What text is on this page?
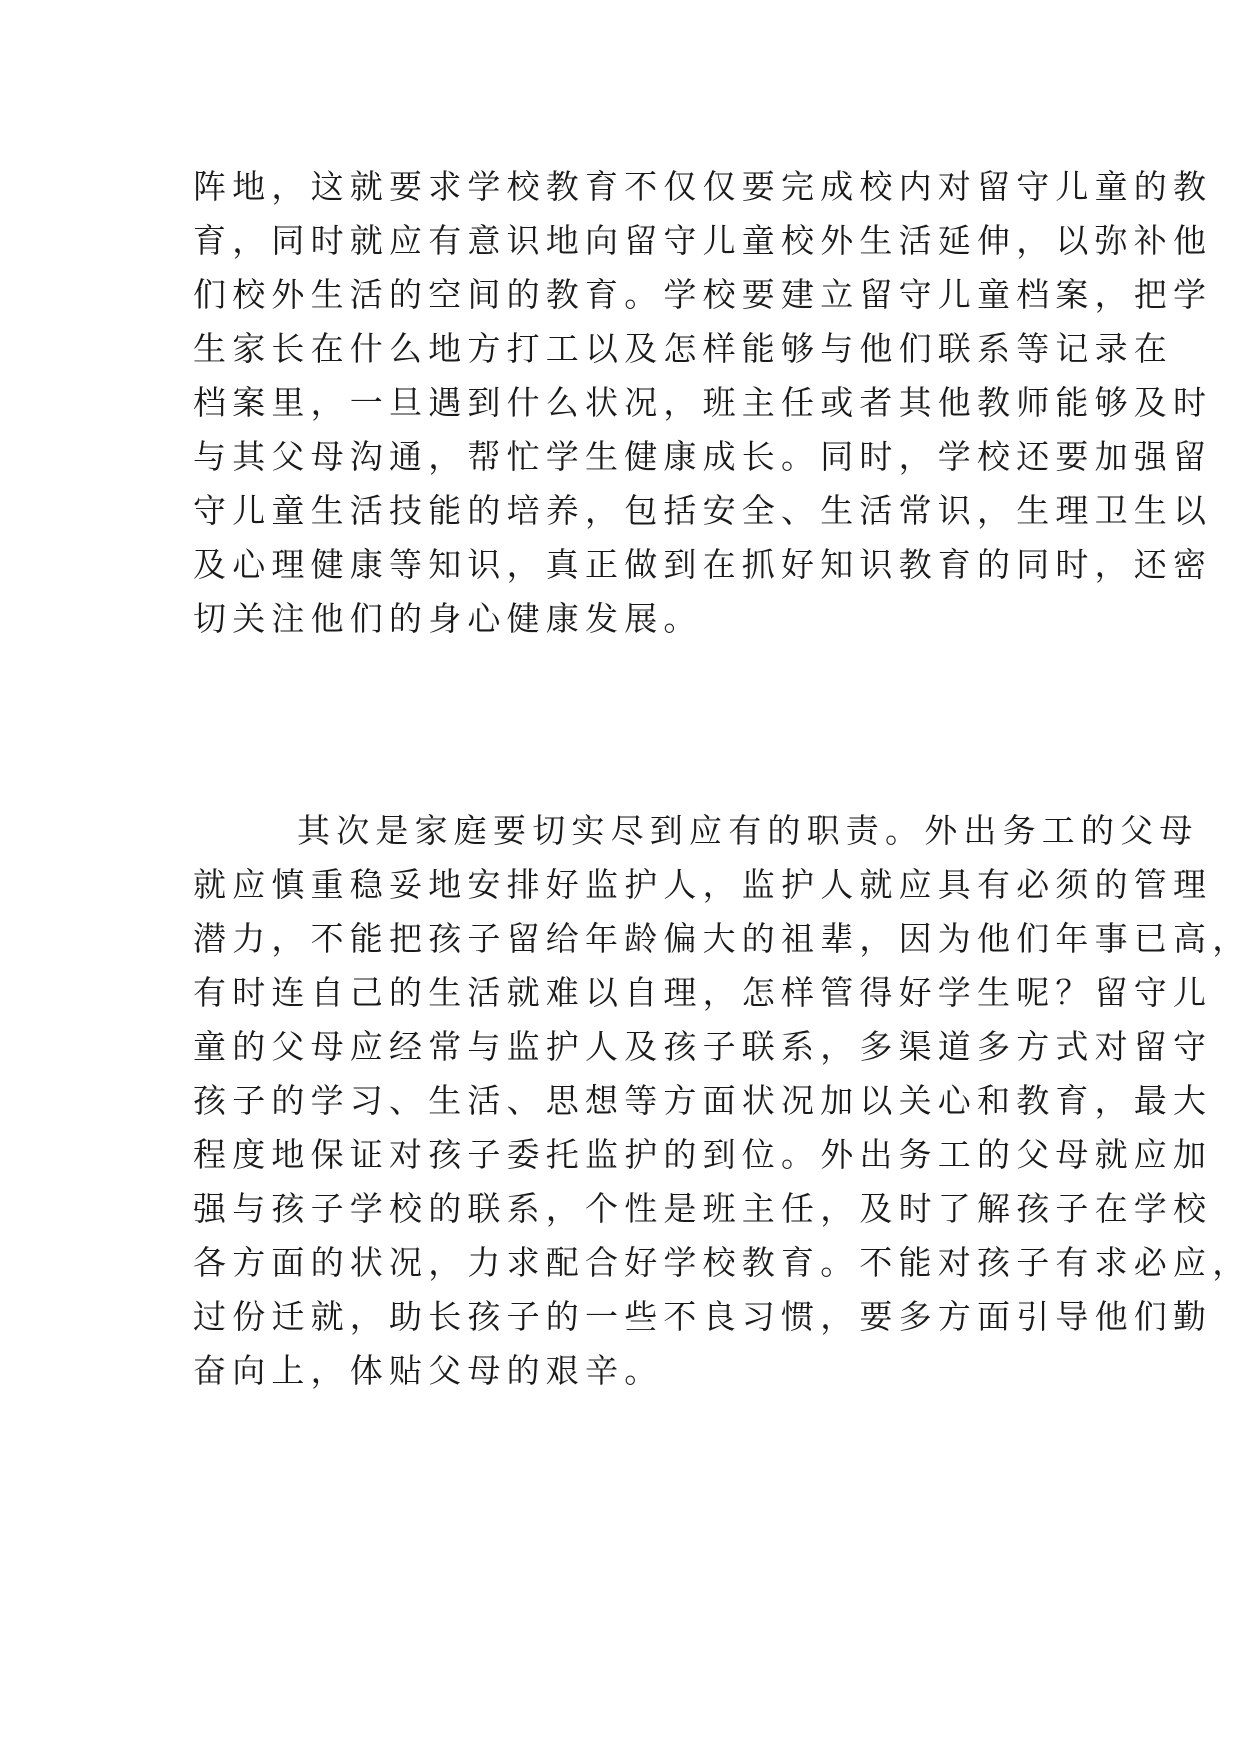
阵地，这就要求学校教育不仅仅要完成校内对留守儿童的教
育，同时就应有意识地向留守儿童校外生活延伸，以弥补他
们校外生活的空间的教育。学校要建立留守儿童档案，把学
生家长在什么地方打工以及怎样能够与他们联系等记录在
档案里，一旦遇到什么状况，班主任或者其他教师能够及时
与其父母沟通，帮忙学生健康成长。同时，学校还要加强留
守儿童生活技能的培养，包括安全、生活常识，生理卫生以
及心理健康等知识，真正做到在抓好知识教育的同时，还密
切关注他们的身心健康发展。
其次是家庭要切实尽到应有的职责。外出务工的父母
就应慎重稳妥地安排好监护人，监护人就应具有必须的管理
潜力，不能把孩子留给年龄偏大的祖辈，因为他们年事已高，
有时连自己的生活就难以自理，怎样管得好学生呢？留守儿
童的父母应经常与监护人及孩子联系，多渠道多方式对留守
孩子的学习、生活、思想等方面状况加以关心和教育，最大
程度地保证对孩子委托监护的到位。外出务工的父母就应加
强与孩子学校的联系，个性是班主任，及时了解孩子在学校
各方面的状况，力求配合好学校教育。不能对孩子有求必应，
过份迁就，助长孩子的一些不良习惯，要多方面引导他们勤
奋向上，体贴父母的艰辛。
